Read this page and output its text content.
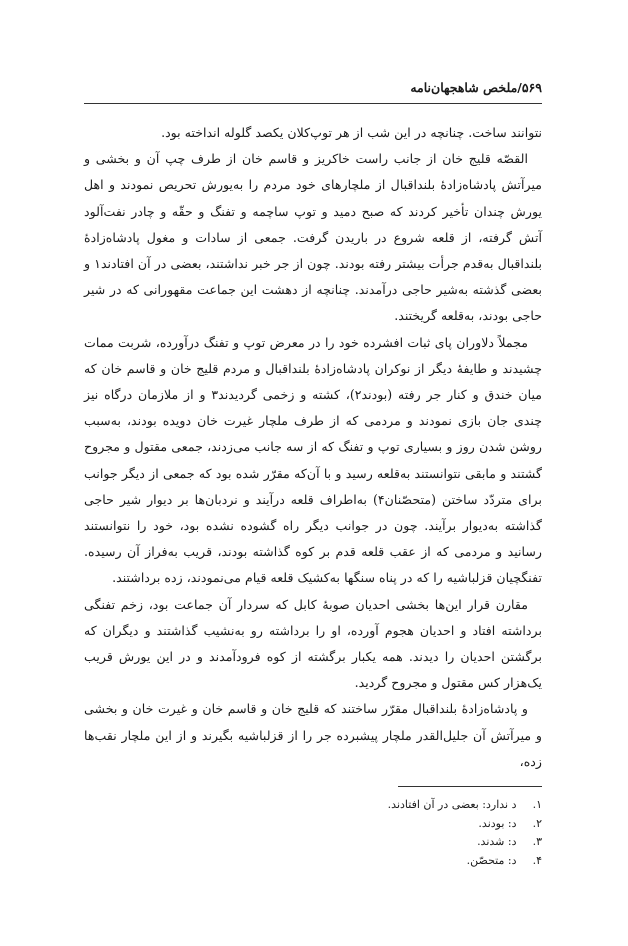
۵۶۹/ملخص شاهجهان‌نامه

نتوانند ساخت. چنانچه در این شب از هر توپ‌کلان یکصد گلوله انداخته بود.

القصّه قلیج خان از جانب راست خاکریز و قاسم خان از طرف چپ آن و بخشی و میرآتش پادشاه‌زادهٔ بلنداقبال از ملچارهای خود مردم را به‌یورش تحریص نمودند و اهل یورش چندان تأخیر کردند که صبح دمید و توپ ساچمه و تفنگ و حقّه و چادر نفت‌آلود آتش گرفته، از قلعه شروع در باریدن گرفت. جمعی از سادات و مغول پادشاه‌زادهٔ بلنداقبال به‌قدم جرأت بیشتر رفته بودند. چون از جر خبر نداشتند، بعضی در آن افتادند۱ و بعضی گذشته به‌شیر حاجی درآمدند. چنانچه از دهشت این جماعت مقهورانی که در شیر حاجی بودند، به‌قلعه گریختند.

مجملاً دلاوران پای ثبات افشرده خود را در معرض توپ و تفنگ درآورده، شربت ممات چشیدند و طایفهٔ دیگر از نوکران پادشاه‌زادهٔ بلنداقبال و مردم قلیج خان و قاسم خان که میان خندق و کنار جر رفته (بودند۲)، کشته و زخمی گردیدند۳ و از ملازمان درگاه نیز چندی جان بازی نمودند و مردمی که از طرف ملچار غیرت خان دویده بودند، به‌سبب روشن شدن روز و بسیاری توپ و تفنگ که از سه جانب می‌زدند، جمعی مقتول و مجروح گشتند و مابقی نتوانستند به‌قلعه رسید و با آن‌که مقرّر شده بود که جمعی از دیگر جوانب برای متردّد ساختن (متحصّنان۴) به‌اطراف قلعه درآیند و نردبان‌ها بر دیوار شیر حاجی گذاشته به‌دیوار برآیند. چون در جوانب دیگر راه گشوده نشده بود، خود را نتوانستند رسانید و مردمی که از عقب قلعه قدم بر کوه گذاشته بودند، قریب به‌فراز آن رسیده. تفنگچیان قزلباشیه را که در پناه سنگها به‌کشیک قلعه قیام می‌نمودند، زده برداشتند.

مقارن قرار این‌ها بخشی احدیان صوبهٔ کابل که سردار آن جماعت بود، زخم تفنگی برداشته افتاد و احدیان هجوم آورده، او را برداشته رو به‌نشیب گذاشتند و دیگران که برگشتن احدیان را دیدند. همه یکبار برگشته از کوه فرودآمدند و در این یورش قریب یک‌هزار کس مقتول و مجروح گردید.

و پادشاه‌زادهٔ بلنداقبال مقرّر ساختند که قلیج خان و قاسم خان و غیرت خان و بخشی و میرآتش آن جلیل‌القدر ملچار پیشبرده جر را از قزلباشیه بگیرند و از این ملچار نقب‌ها زده،

۱. د ندارد: بعضی در آن افتادند.
۲. د: بودند.
۳. د: شدند.
۴. د: متحصّن.
